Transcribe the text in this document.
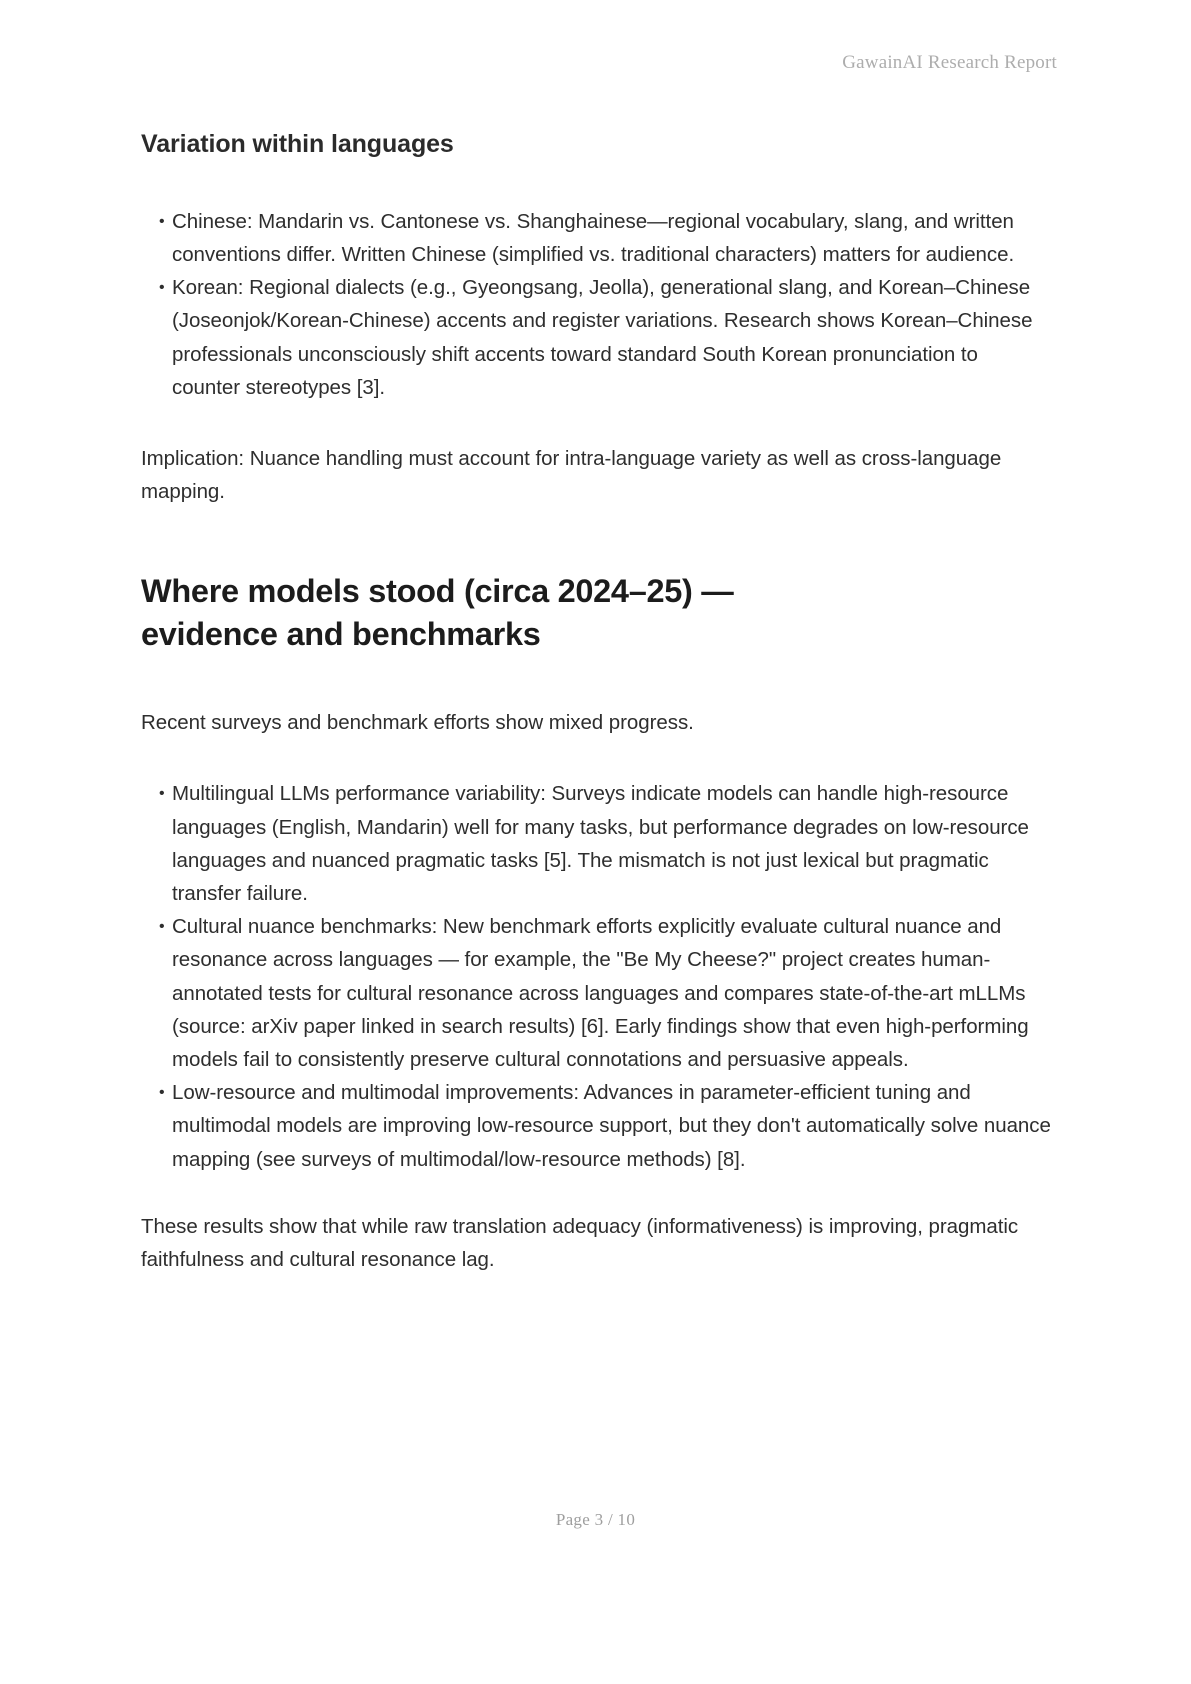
GawainAI Research Report
Variation within languages
• Chinese: Mandarin vs. Cantonese vs. Shanghainese—regional vocabulary, slang, and written conventions differ. Written Chinese (simplified vs. traditional characters) matters for audience.
• Korean: Regional dialects (e.g., Gyeongsang, Jeolla), generational slang, and Korean–Chinese (Joseonjok/Korean-Chinese) accents and register variations. Research shows Korean–Chinese professionals unconsciously shift accents toward standard South Korean pronunciation to counter stereotypes [3].

Implication: Nuance handling must account for intra-language variety as well as cross-language mapping.

Where models stood (circa 2024–25) — evidence and benchmarks

Recent surveys and benchmark efforts show mixed progress.

• Multilingual LLMs performance variability: Surveys indicate models can handle high-resource languages (English, Mandarin) well for many tasks, but performance degrades on low-resource languages and nuanced pragmatic tasks [5]. The mismatch is not just lexical but pragmatic transfer failure.
• Cultural nuance benchmarks: New benchmark efforts explicitly evaluate cultural nuance and resonance across languages — for example, the "Be My Cheese?" project creates human-annotated tests for cultural resonance across languages and compares state-of-the-art mLLMs (source: arXiv paper linked in search results) [6]. Early findings show that even high-performing models fail to consistently preserve cultural connotations and persuasive appeals.
• Low-resource and multimodal improvements: Advances in parameter-efficient tuning and multimodal models are improving low-resource support, but they don't automatically solve nuance mapping (see surveys of multimodal/low-resource methods) [8].

These results show that while raw translation adequacy (informativeness) is improving, pragmatic faithfulness and cultural resonance lag.

Page 3 / 10
